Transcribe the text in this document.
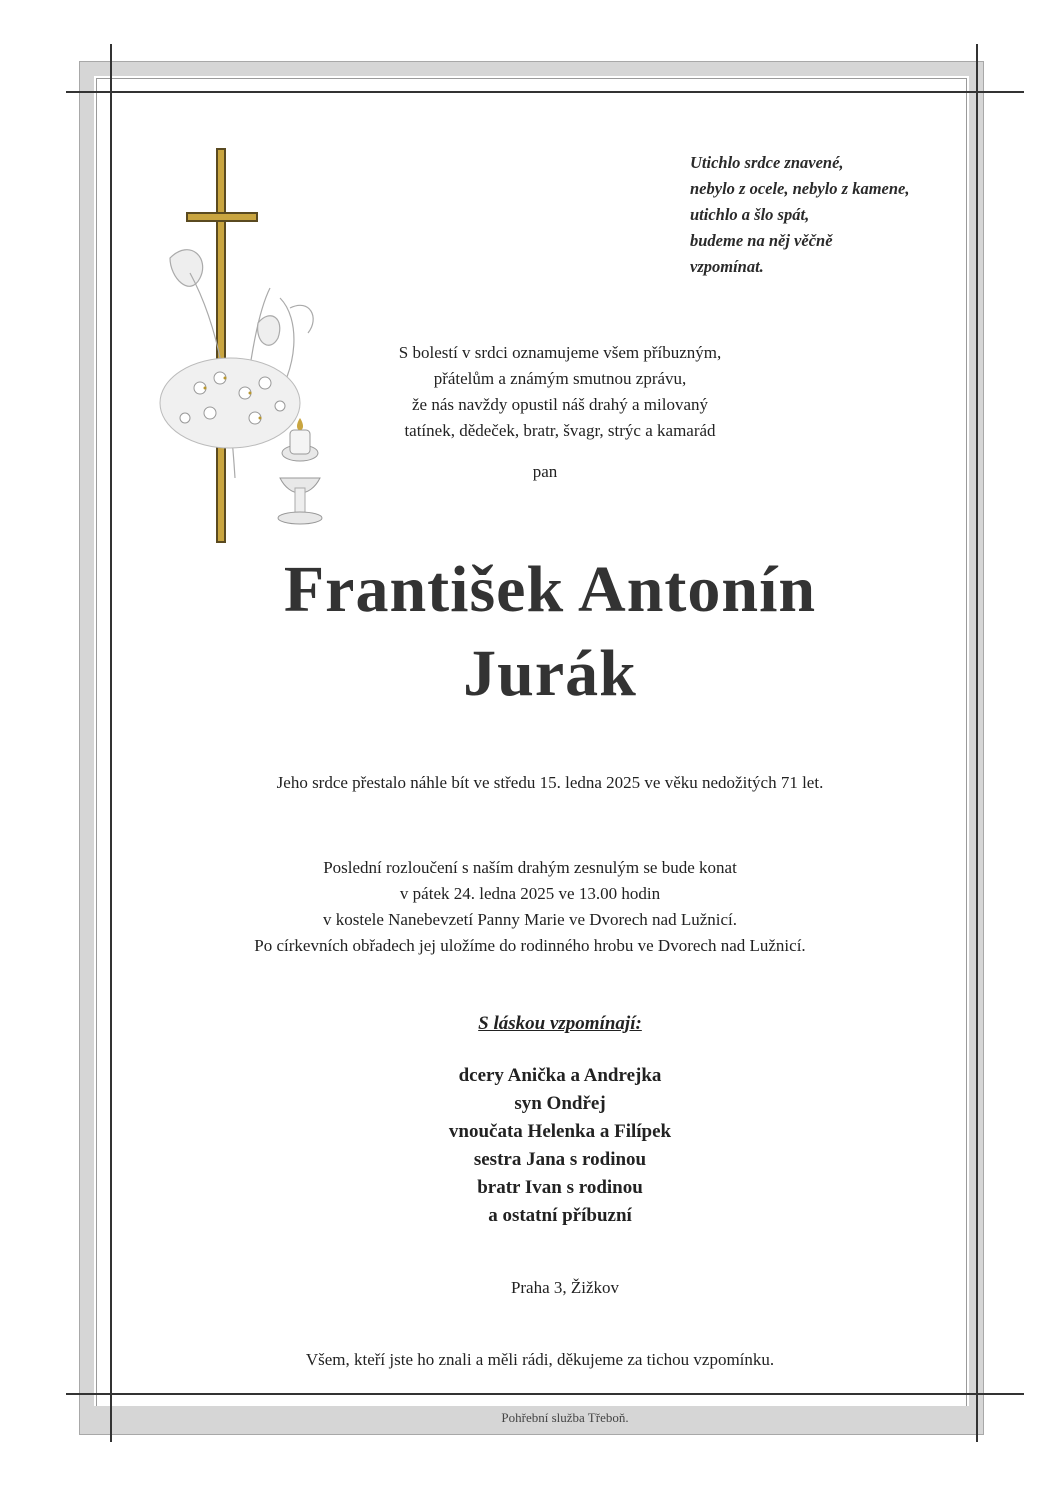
Utichlo srdce znavené,
nebylo z ocele, nebylo z kamene,
utichlo a šlo spát,
budeme na něj věčně
vzpomínat.
S bolestí v srdci oznamujeme všem příbuzným,
přátelům a známým smutnou zprávu,
že nás navždy opustil náš drahý a milovaný
tatínek, dědeček, bratr, švagr, strýc a kamarád
pan
František Antonín
Jurák
Jeho srdce přestalo náhle bít ve středu 15. ledna 2025 ve věku nedožitých 71 let.
Poslední rozloučení s naším drahým zesnulým se bude konat
v pátek 24. ledna 2025 ve 13.00 hodin
v kostele Nanebevzetí Panny Marie ve Dvorech nad Lužnicí.
Po církevních obřadech jej uložíme do rodinného hrobu ve Dvorech nad Lužnicí.
S láskou vzpomínají:
dcery Anička a Andrejka
syn Ondřej
vnoučata Helenka a Filípek
sestra Jana s rodinou
bratr Ivan s rodinou
a ostatní příbuzní
Praha 3, Žižkov
Všem, kteří jste ho znali a měli rádi, děkujeme za tichou vzpomínku.
Pohřební služba Třeboň.
